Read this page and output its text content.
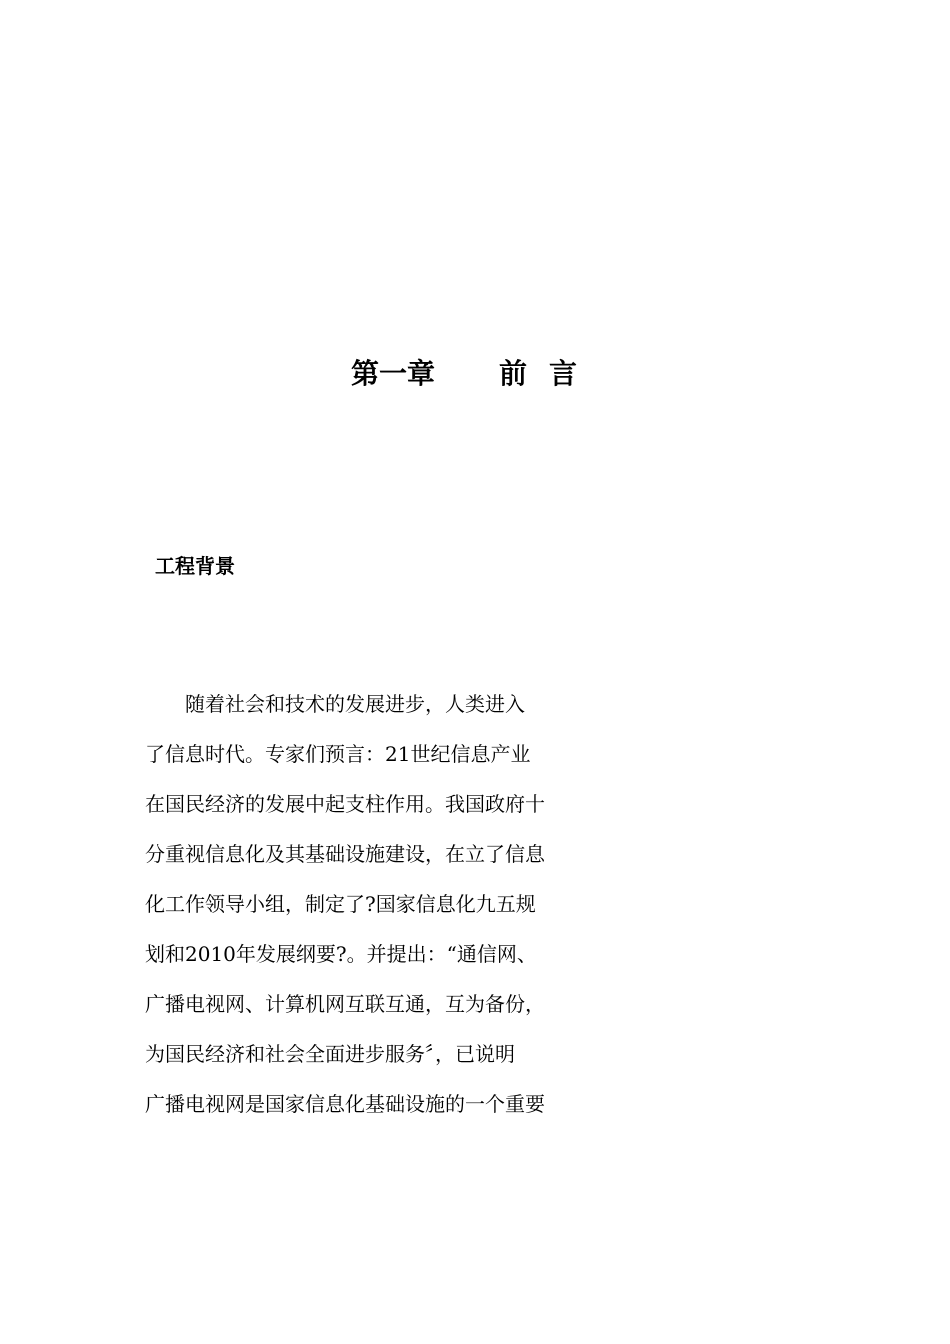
第一章 前言
工程背景
　　随着社会和技术的发展进步，人类进入
了信息时代。专家们预言：21世纪信息产业
在国民经济的发展中起支柱作用。我国政府十
分重视信息化及其基础设施建设，在立了信息
化工作领导小组，制定了?国家信息化九五规
划和2010年发展纲要?。并提出：“通信网、
广播电视网、计算机网互联互通，互为备份，
为国民经济和社会全面进步服务〞，已说明
广播电视网是国家信息化基础设施的一个重要
